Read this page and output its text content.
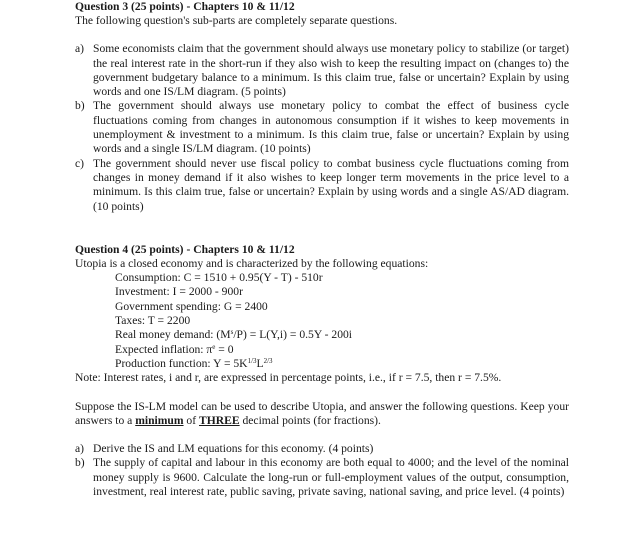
Question 3 (25 points) - Chapters 10 & 11/12

The following question's sub-parts are completely separate questions.

a) Some economists claim that the government should always use monetary policy to stabilize (or target) the real interest rate in the short-run if they also wish to keep the resulting impact on (changes to) the government budgetary balance to a minimum. Is this claim true, false or uncertain? Explain by using words and one IS/LM diagram. (5 points)
b) The government should always use monetary policy to combat the effect of business cycle fluctuations coming from changes in autonomous consumption if it wishes to keep movements in unemployment & investment to a minimum. Is this claim true, false or uncertain? Explain by using words and a single IS/LM diagram. (10 points)
c) The government should never use fiscal policy to combat business cycle fluctuations coming from changes in money demand if it also wishes to keep longer term movements in the price level to a minimum. Is this claim true, false or uncertain? Explain by using words and a single AS/AD diagram. (10 points)

Question 4 (25 points) - Chapters 10 & 11/12

Utopia is a closed economy and is characterized by the following equations:

Consumption: C = 1510 + 0.95(Y - T) - 510r
Investment: I = 2000 - 900r
Government spending: G = 2400
Taxes: T = 2200
Real money demand: $(M^s/P) = L(Y,i) = 0.5Y - 200i$
Expected inflation: $\pi^e = 0$
Production function: $Y = 5K^{1/3}L^{2/3}$

Note: Interest rates, i and r, are expressed in percentage points, i.e., if r = 7.5, then r = 7.5%.

Suppose the IS-LM model can be used to describe Utopia, and answer the following questions. Keep your answers to a minimum of THREE decimal points (for fractions).

a) Derive the IS and LM equations for this economy. (4 points)
b) The supply of capital and labour in this economy are both equal to 4000; and the level of the nominal money supply is 9600. Calculate the long-run or full-employment values of the output, consumption, investment, real interest rate, public saving, private saving, national saving, and price level. (4 points)
